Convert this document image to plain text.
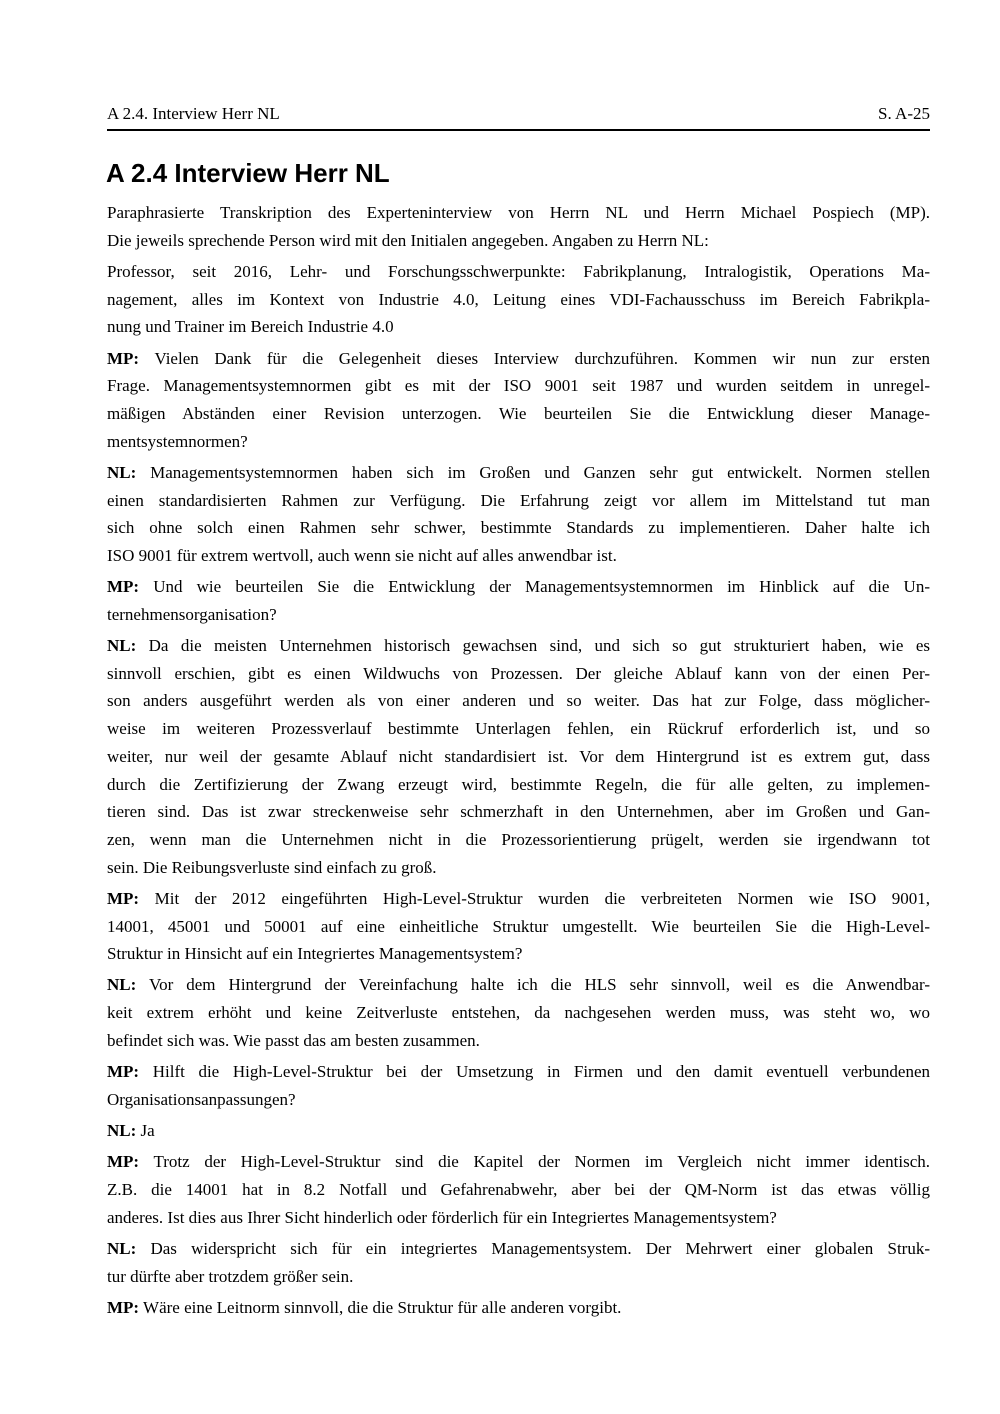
A 2.4. Interview Herr NL	S. A-25
A 2.4 Interview Herr NL
Paraphrasierte Transkription des Experteninterview von Herrn NL und Herrn Michael Pospiech (MP).
Die jeweils sprechende Person wird mit den Initialen angegeben. Angaben zu Herrn NL:
Professor, seit 2016, Lehr- und Forschungsschwerpunkte: Fabrikplanung, Intralogistik, Operations Ma-
nagement, alles im Kontext von Industrie 4.0, Leitung eines VDI-Fachausschuss im Bereich Fabrikpla-
nung und Trainer im Bereich Industrie 4.0
MP: Vielen Dank für die Gelegenheit dieses Interview durchzuführen. Kommen wir nun zur ersten
Frage. Managementsystemnormen gibt es mit der ISO 9001 seit 1987 und wurden seitdem in unregel-
mäßigen Abständen einer Revision unterzogen. Wie beurteilen Sie die Entwicklung dieser Manage-
mentsystemnormen?
NL: Managementsystemnormen haben sich im Großen und Ganzen sehr gut entwickelt. Normen stellen
einen standardisierten Rahmen zur Verfügung. Die Erfahrung zeigt vor allem im Mittelstand tut man
sich ohne solch einen Rahmen sehr schwer, bestimmte Standards zu implementieren. Daher halte ich
ISO 9001 für extrem wertvoll, auch wenn sie nicht auf alles anwendbar ist.
MP: Und wie beurteilen Sie die Entwicklung der Managementsystemnormen im Hinblick auf die Un-
ternehmensorganisation?
NL: Da die meisten Unternehmen historisch gewachsen sind, und sich so gut strukturiert haben, wie es
sinnvoll erschien, gibt es einen Wildwuchs von Prozessen. Der gleiche Ablauf kann von der einen Per-
son anders ausgeführt werden als von einer anderen und so weiter. Das hat zur Folge, dass möglicher-
weise im weiteren Prozessverlauf bestimmte Unterlagen fehlen, ein Rückruf erforderlich ist, und so
weiter, nur weil der gesamte Ablauf nicht standardisiert ist. Vor dem Hintergrund ist es extrem gut, dass
durch die Zertifizierung der Zwang erzeugt wird, bestimmte Regeln, die für alle gelten, zu implemen-
tieren sind. Das ist zwar streckenweise sehr schmerzhaft in den Unternehmen, aber im Großen und Gan-
zen, wenn man die Unternehmen nicht in die Prozessorientierung prügelt, werden sie irgendwann tot
sein. Die Reibungsverluste sind einfach zu groß.
MP: Mit der 2012 eingeführten High-Level-Struktur wurden die verbreiteten Normen wie ISO 9001,
14001, 45001 und 50001 auf eine einheitliche Struktur umgestellt. Wie beurteilen Sie die High-Level-
Struktur in Hinsicht auf ein Integriertes Managementsystem?
NL: Vor dem Hintergrund der Vereinfachung halte ich die HLS sehr sinnvoll, weil es die Anwendbar-
keit extrem erhöht und keine Zeitverluste entstehen, da nachgesehen werden muss, was steht wo, wo
befindet sich was. Wie passt das am besten zusammen.
MP: Hilft die High-Level-Struktur bei der Umsetzung in Firmen und den damit eventuell verbundenen
Organisationsanpassungen?
NL: Ja
MP: Trotz der High-Level-Struktur sind die Kapitel der Normen im Vergleich nicht immer identisch.
Z.B. die 14001 hat in 8.2 Notfall und Gefahrenabwehr, aber bei der QM-Norm ist das etwas völlig
anderes. Ist dies aus Ihrer Sicht hinderlich oder förderlich für ein Integriertes Managementsystem?
NL: Das widerspricht sich für ein integriertes Managementsystem. Der Mehrwert einer globalen Struk-
tur dürfte aber trotzdem größer sein.
MP: Wäre eine Leitnorm sinnvoll, die die Struktur für alle anderen vorgibt.
